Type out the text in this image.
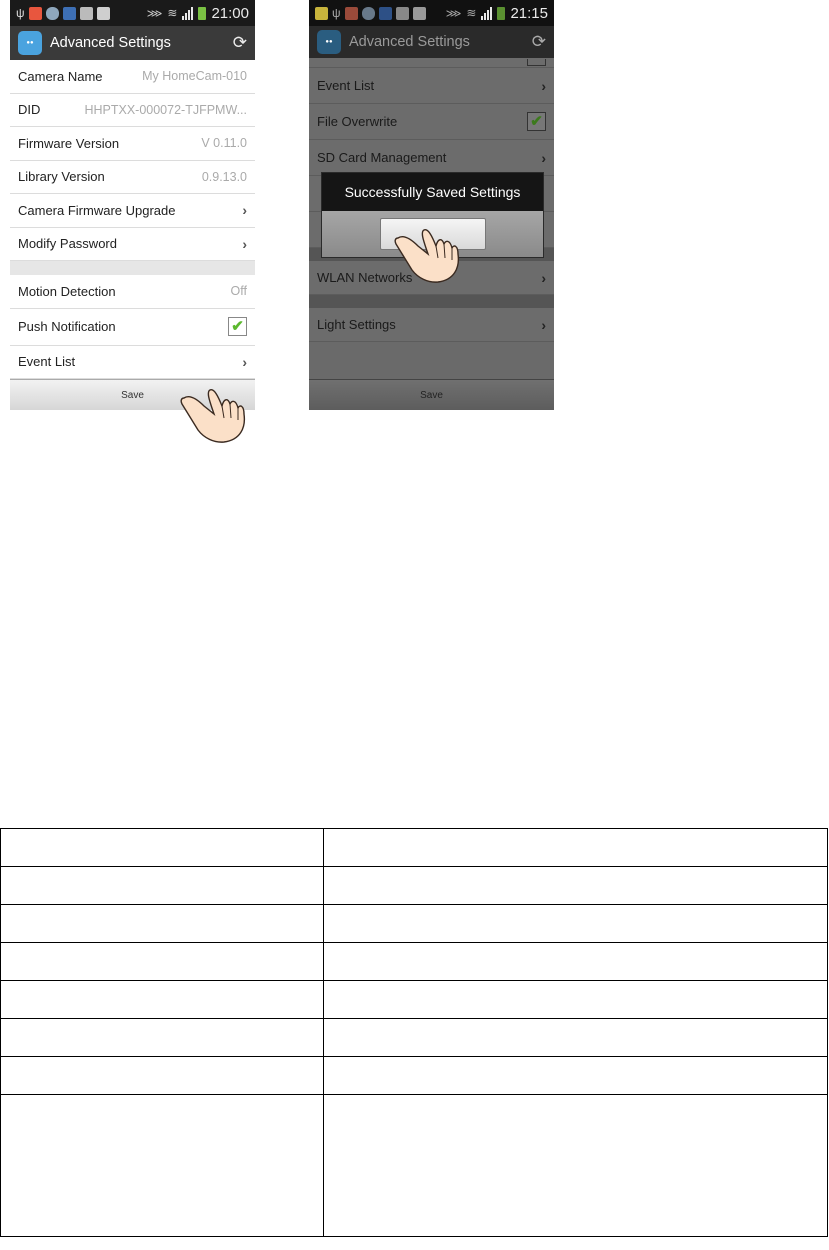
ψ	⋙ ≋ 21:00
●●	Advanced Settings	⟳
Camera Name	My HomeCam-010
DID	HHPTXX-000072-TJFPMW...
Firmware Version	V 0.11.0
Library Version	0.9.13.0
Camera Firmware Upgrade	›
Modify Password	›
Motion Detection	Off
Push Notification	✔
Event List	›
Save
ψ	⋙ ≋ 21:15
●●	Advanced Settings	⟳
Event List	›
File Overwrite	✔
SD Card Management	›
WLAN Networks	›
Light Settings	›
Save
Successfully Saved Settings
